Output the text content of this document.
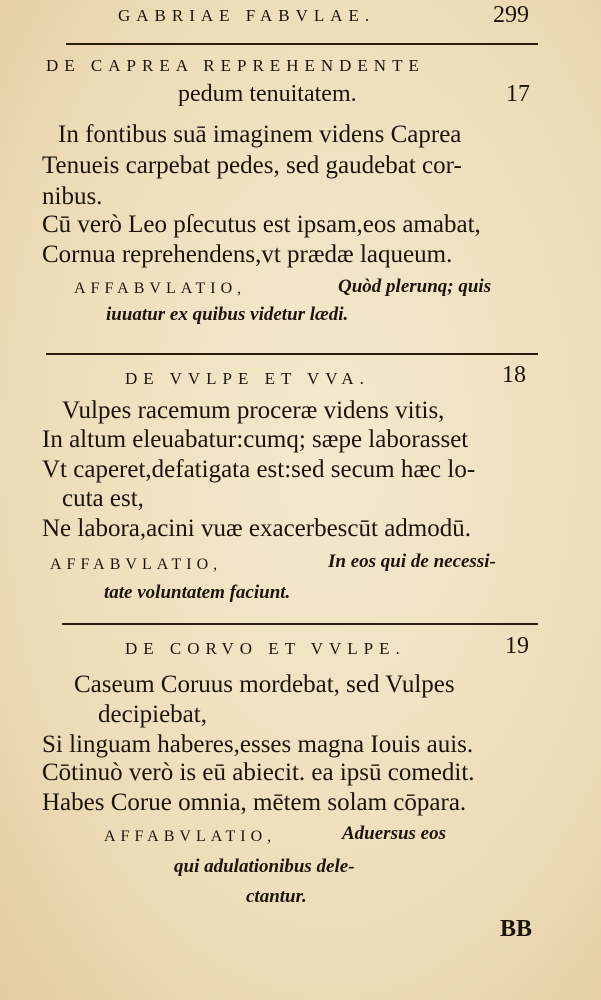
GABRIAE FABVLAE.	299
DE CAPREA REPREHENDENTE
pedum tenuitatem.	17
In fontibus suā imaginem videns Caprea
Tenueis carpebat pedes, sed gaudebat cor-
nibus.
Cū verò Leo pſecutus est ipsam,eos amabat,
Cornua reprehendens,vt prædæ laqueum.
AFFABVLATIO,	Quòd plerunq; quis
iuuatur ex quibus videtur lædi.
DE VVLPE ET VVA.	18
Vulpes racemum proceræ videns vitis,
In altum eleuabatur:cumq; sæpe laborasset
Vt caperet,defatigata est:sed secum hæc lo-
cuta est,
Ne labora,acini vuæ exacerbescūt admodū.
AFFABVLATIO,	In eos qui de necessi-
tate voluntatem faciunt.
DE CORVO ET VVLPE.	19
Caseum Coruus mordebat, sed Vulpes
decipiebat,
Si linguam haberes,esses magna Iouis auis.
Cōtinuò verò is eū abiecit. ea ipsū comedit.
Habes Corue omnia, mētem solam cōpara.
AFFABVLATIO,	Aduersus eos
qui adulationibus dele-
ctantur.
BB
